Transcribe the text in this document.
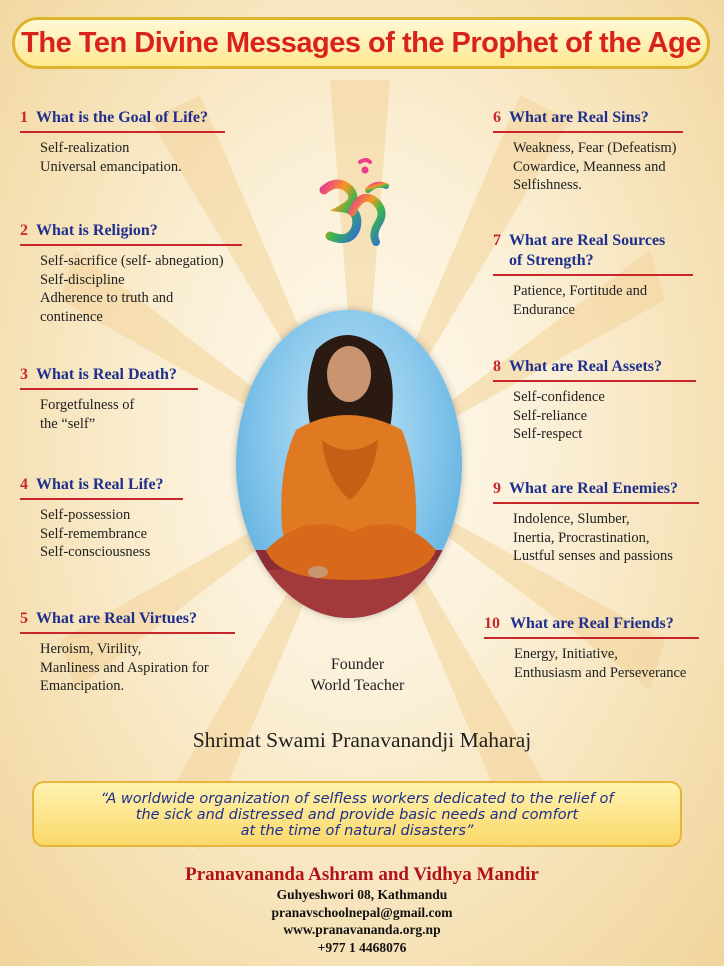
The Ten Divine Messages of the Prophet of the Age
1 What is the Goal of Life?
Self-realization
Universal emancipation.
2 What is Religion?
Self-sacrifice (self- abnegation)
Self-discipline
Adherence to truth and
continence
3 What is Real Death?
Forgetfulness of
the “self”
4 What is Real Life?
Self-possession
Self-remembrance
Self-consciousness
5 What are Real Virtues?
Heroism, Virility,
Manliness and Aspiration for
Emancipation.
6 What are Real Sins?
Weakness, Fear (Defeatism)
Cowardice, Meanness and
Selfishness.
7 What are Real Sources
of Strength?
Patience, Fortitude and
Endurance
8 What are Real Assets?
Self-confidence
Self-reliance
Self-respect
9 What are Real Enemies?
Indolence, Slumber,
Inertia, Procrastination,
Lustful senses and passions
10 What are Real Friends?
Energy, Initiative,
Enthusiasm and Perseverance
Founder
World Teacher
Shrimat Swami Pranavanandji Maharaj
“A worldwide organization of selfless workers dedicated to the relief of
the sick and distressed and provide basic needs and comfort
at the time of natural disasters”
Pranavananda Ashram and Vidhya Mandir
Guhyeshwori 08, Kathmandu
pranavschoolnepal@gmail.com
www.pranavananda.org.np
+977 1 4468076
